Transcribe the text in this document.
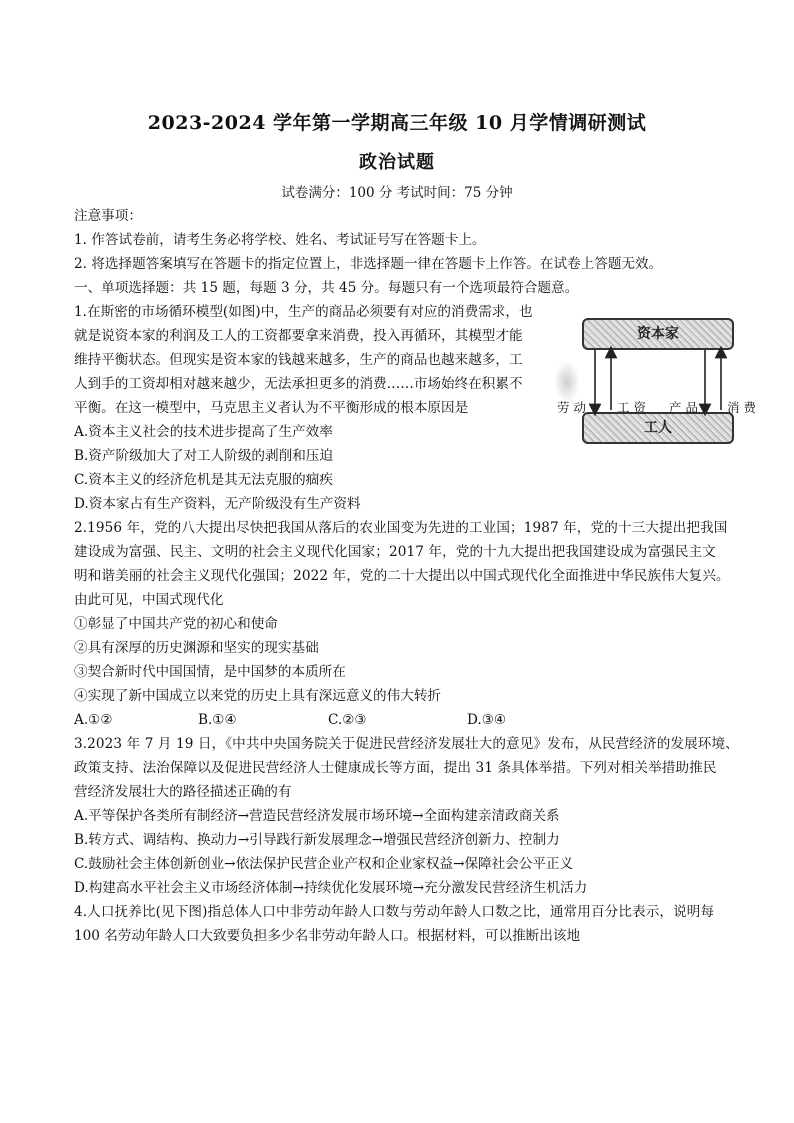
2023-2024 学年第一学期高三年级 10 月学情调研测试
政治试题
试卷满分：100 分 考试时间：75 分钟
注意事项：
1. 作答试卷前，请考生务必将学校、姓名、考试证号写在答题卡上。
2. 将选择题答案填写在答题卡的指定位置上，非选择题一律在答题卡上作答。在试卷上答题无效。
一、单项选择题：共 15 题，每题 3 分，共 45 分。每题只有一个选项最符合题意。
1.在斯密的市场循环模型(如图)中，生产的商品必须要有对应的消费需求，也
就是说资本家的利润及工人的工资都要拿来消费，投入再循环，其模型才能
维持平衡状态。但现实是资本家的钱越来越多，生产的商品也越来越多，工
人到手的工资却相对越来越少，无法承担更多的消费……市场始终在积累不
平衡。在这一模型中，马克思主义者认为不平衡形成的根本原因是
A.资本主义社会的技术进步提高了生产效率
B.资产阶级加大了对工人阶级的剥削和压迫
C.资本主义的经济危机是其无法克服的痼疾
D.资本家占有生产资料，无产阶级没有生产资料
资本家
工人
劳 动 工 资 产 品 消 费
2.1956 年，党的八大提出尽快把我国从落后的农业国变为先进的工业国；1987 年，党的十三大提出把我国
建设成为富强、民主、文明的社会主义现代化国家；2017 年，党的十九大提出把我国建设成为富强民主文
明和谐美丽的社会主义现代化强国；2022 年，党的二十大提出以中国式现代化全面推进中华民族伟大复兴。
由此可见，中国式现代化
①彰显了中国共产党的初心和使命
②具有深厚的历史渊源和坚实的现实基础
③契合新时代中国国情，是中国梦的本质所在
④实现了新中国成立以来党的历史上具有深远意义的伟大转折
A.①②	B.①④	C.②③	D.③④
3.2023 年 7 月 19 日，《中共中央国务院关于促进民营经济发展壮大的意见》发布，从民营经济的发展环境、
政策支持、法治保障以及促进民营经济人士健康成长等方面，提出 31 条具体举措。下列对相关举措助推民
营经济发展壮大的路径描述正确的有
A.平等保护各类所有制经济→营造民营经济发展市场环境→全面构建亲清政商关系
B.转方式、调结构、换动力→引导践行新发展理念→增强民营经济创新力、控制力
C.鼓励社会主体创新创业→依法保护民营企业产权和企业家权益→保障社会公平正义
D.构建高水平社会主义市场经济体制→持续优化发展环境→充分激发民营经济生机活力
4.人口抚养比(见下图)指总体人口中非劳动年龄人口数与劳动年龄人口数之比，通常用百分比表示，说明每
100 名劳动年龄人口大致要负担多少名非劳动年龄人口。根据材料，可以推断出该地
